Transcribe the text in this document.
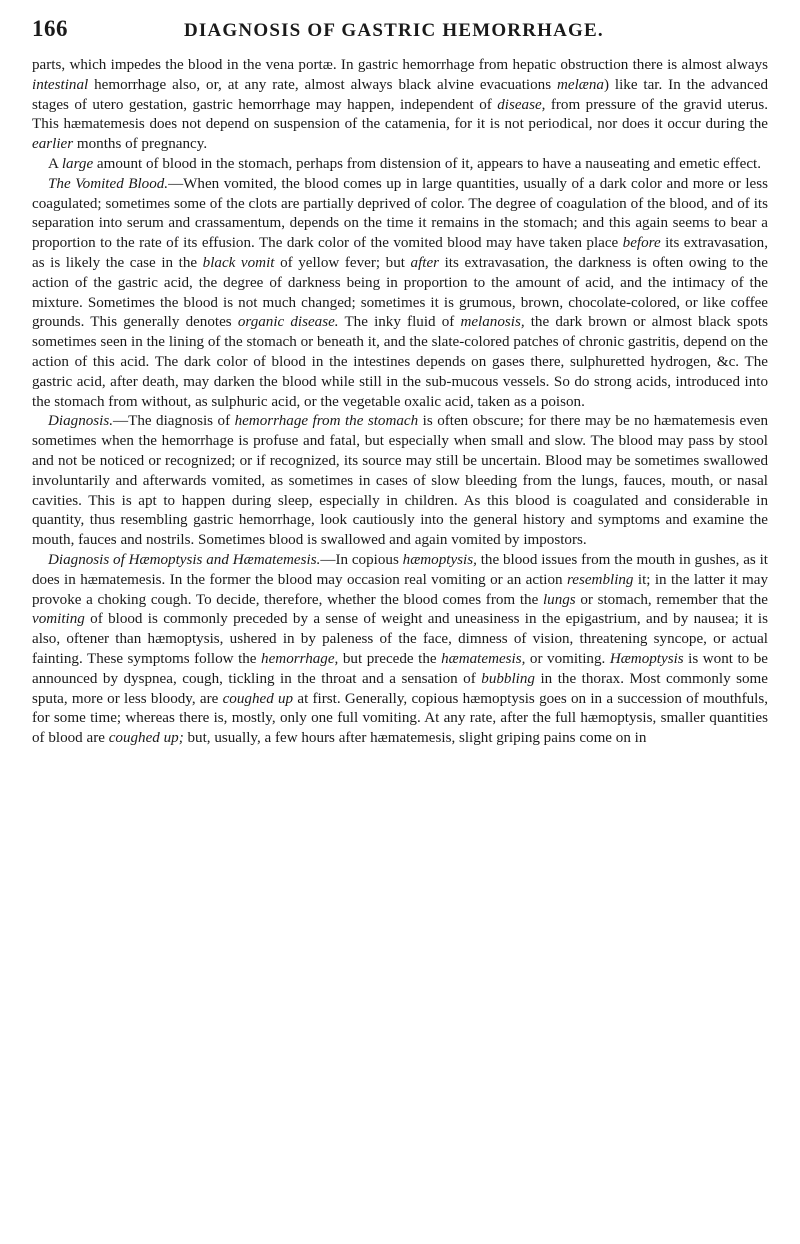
166	DIAGNOSIS OF GASTRIC HEMORRHAGE.

parts, which impedes the blood in the vena portæ. In gastric hemorrhage from hepatic obstruction there is almost always intestinal hemorrhage also, or, at any rate, almost always black alvine evacuations melæna) like tar. In the advanced stages of utero gestation, gastric hemorrhage may happen, independent of disease, from pressure of the gravid uterus. This hæmatemesis does not depend on suspension of the catamenia, for it is not periodical, nor does it occur during the earlier months of pregnancy.

A large amount of blood in the stomach, perhaps from distension of it, appears to have a nauseating and emetic effect.

The Vomited Blood.—When vomited, the blood comes up in large quantities, usually of a dark color and more or less coagulated; sometimes some of the clots are partially deprived of color. The degree of coagulation of the blood, and of its separation into serum and crassamentum, depends on the time it remains in the stomach; and this again seems to bear a proportion to the rate of its effusion. The dark color of the vomited blood may have taken place before its extravasation, as is likely the case in the black vomit of yellow fever; but after its extravasation, the darkness is often owing to the action of the gastric acid, the degree of darkness being in proportion to the amount of acid, and the intimacy of the mixture. Sometimes the blood is not much changed; sometimes it is grumous, brown, chocolate-colored, or like coffee grounds. This generally denotes organic disease. The inky fluid of melanosis, the dark brown or almost black spots sometimes seen in the lining of the stomach or beneath it, and the slate-colored patches of chronic gastritis, depend on the action of this acid. The dark color of blood in the intestines depends on gases there, sulphuretted hydrogen, &c. The gastric acid, after death, may darken the blood while still in the sub-mucous vessels. So do strong acids, introduced into the stomach from without, as sulphuric acid, or the vegetable oxalic acid, taken as a poison.

Diagnosis.—The diagnosis of hemorrhage from the stomach is often obscure; for there may be no hæmatemesis even sometimes when the hemorrhage is profuse and fatal, but especially when small and slow. The blood may pass by stool and not be noticed or recognized; or if recognized, its source may still be uncertain. Blood may be sometimes swallowed involuntarily and afterwards vomited, as sometimes in cases of slow bleeding from the lungs, fauces, mouth, or nasal cavities. This is apt to happen during sleep, especially in children. As this blood is coagulated and considerable in quantity, thus resembling gastric hemorrhage, look cautiously into the general history and symptoms and examine the mouth, fauces and nostrils. Sometimes blood is swallowed and again vomited by impostors.

Diagnosis of Hæmoptysis and Hæmatemesis.—In copious hæmoptysis, the blood issues from the mouth in gushes, as it does in hæmatemesis. In the former the blood may occasion real vomiting or an action resembling it; in the latter it may provoke a choking cough. To decide, therefore, whether the blood comes from the lungs or stomach, remember that the vomiting of blood is commonly preceded by a sense of weight and uneasiness in the epigastrium, and by nausea; it is also, oftener than hæmoptysis, ushered in by paleness of the face, dimness of vision, threatening syncope, or actual fainting. These symptoms follow the hemorrhage, but precede the hæmatemesis, or vomiting. Hæmoptysis is wont to be announced by dyspnea, cough, tickling in the throat and a sensation of bubbling in the thorax. Most commonly some sputa, more or less bloody, are coughed up at first. Generally, copious hæmoptysis goes on in a succession of mouthfuls, for some time; whereas there is, mostly, only one full vomiting. At any rate, after the full hæmoptysis, smaller quantities of blood are coughed up; but, usually, a few hours after hæmatemesis, slight griping pains come on in
